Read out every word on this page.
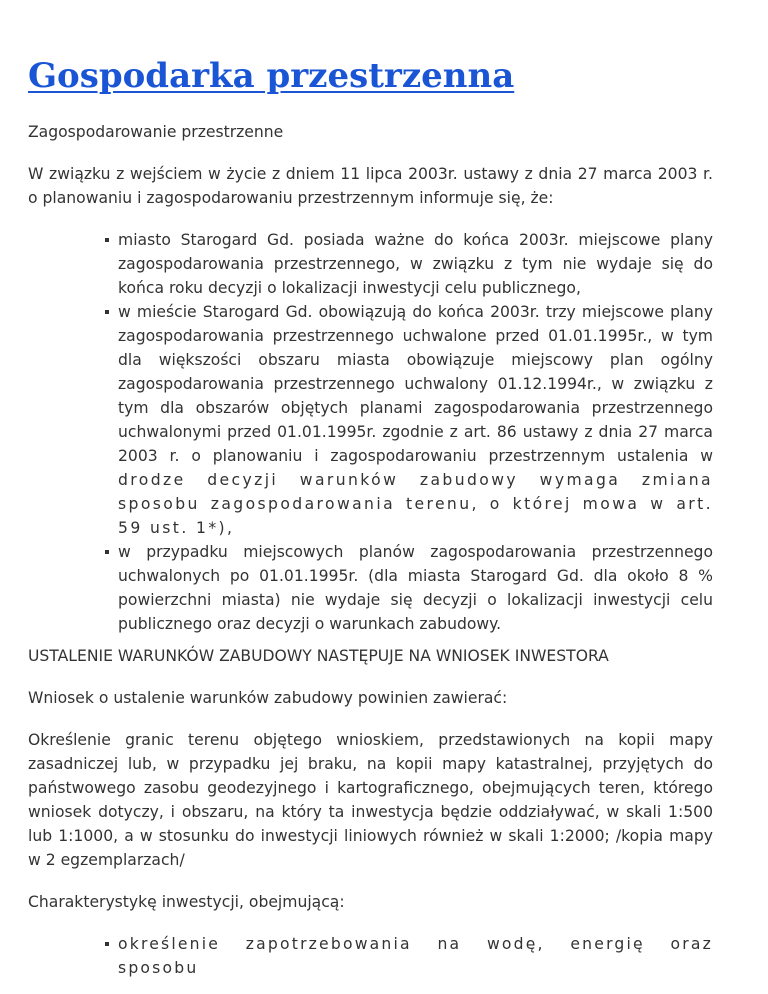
Gospodarka przestrzenna

Zagospodarowanie przestrzenne

W związku z wejściem w życie z dniem 11 lipca 2003r. ustawy z dnia 27 marca 2003 r. o planowaniu i zagospodarowaniu przestrzennym informuje się, że:

miasto Starogard Gd. posiada ważne do końca 2003r. miejscowe plany zagospodarowania przestrzennego, w związku z tym nie wydaje się do końca roku decyzji o lokalizacji inwestycji celu publicznego,
w mieście Starogard Gd. obowiązują do końca 2003r. trzy miejscowe plany zagospodarowania przestrzennego uchwalone przed 01.01.1995r., w tym dla większości obszaru miasta obowiązuje miejscowy plan ogólny zagospodarowania przestrzennego uchwalony 01.12.1994r., w związku z tym dla obszarów objętych planami zagospodarowania przestrzennego uchwalonymi przed 01.01.1995r. zgodnie z art. 86 ustawy z dnia 27 marca 2003 r. o planowaniu i zagospodarowaniu przestrzennym ustalenia w drodze decyzji warunków zabudowy wymaga zmiana sposobu zagospodarowania terenu, o której mowa w art. 59 ust. 1*),
w przypadku miejscowych planów zagospodarowania przestrzennego uchwalonych po 01.01.1995r. (dla miasta Starogard Gd. dla około 8 % powierzchni miasta) nie wydaje się decyzji o lokalizacji inwestycji celu publicznego oraz decyzji o warunkach zabudowy.

USTALENIE WARUNKÓW ZABUDOWY NASTĘPUJE NA WNIOSEK INWESTORA

Wniosek o ustalenie warunków zabudowy powinien zawierać:

Określenie granic terenu objętego wnioskiem, przedstawionych na kopii mapy zasadniczej lub, w przypadku jej braku, na kopii mapy katastralnej, przyjętych do państwowego zasobu geodezyjnego i kartograficznego, obejmujących teren, którego wniosek dotyczy, i obszaru, na który ta inwestycja będzie oddziaływać, w skali 1:500 lub 1:1000, a w stosunku do inwestycji liniowych również w skali 1:2000; /kopia mapy w 2 egzemplarzach/

Charakterystykę inwestycji, obejmującą:

określenie zapotrzebowania na wodę, energię oraz sposobu
